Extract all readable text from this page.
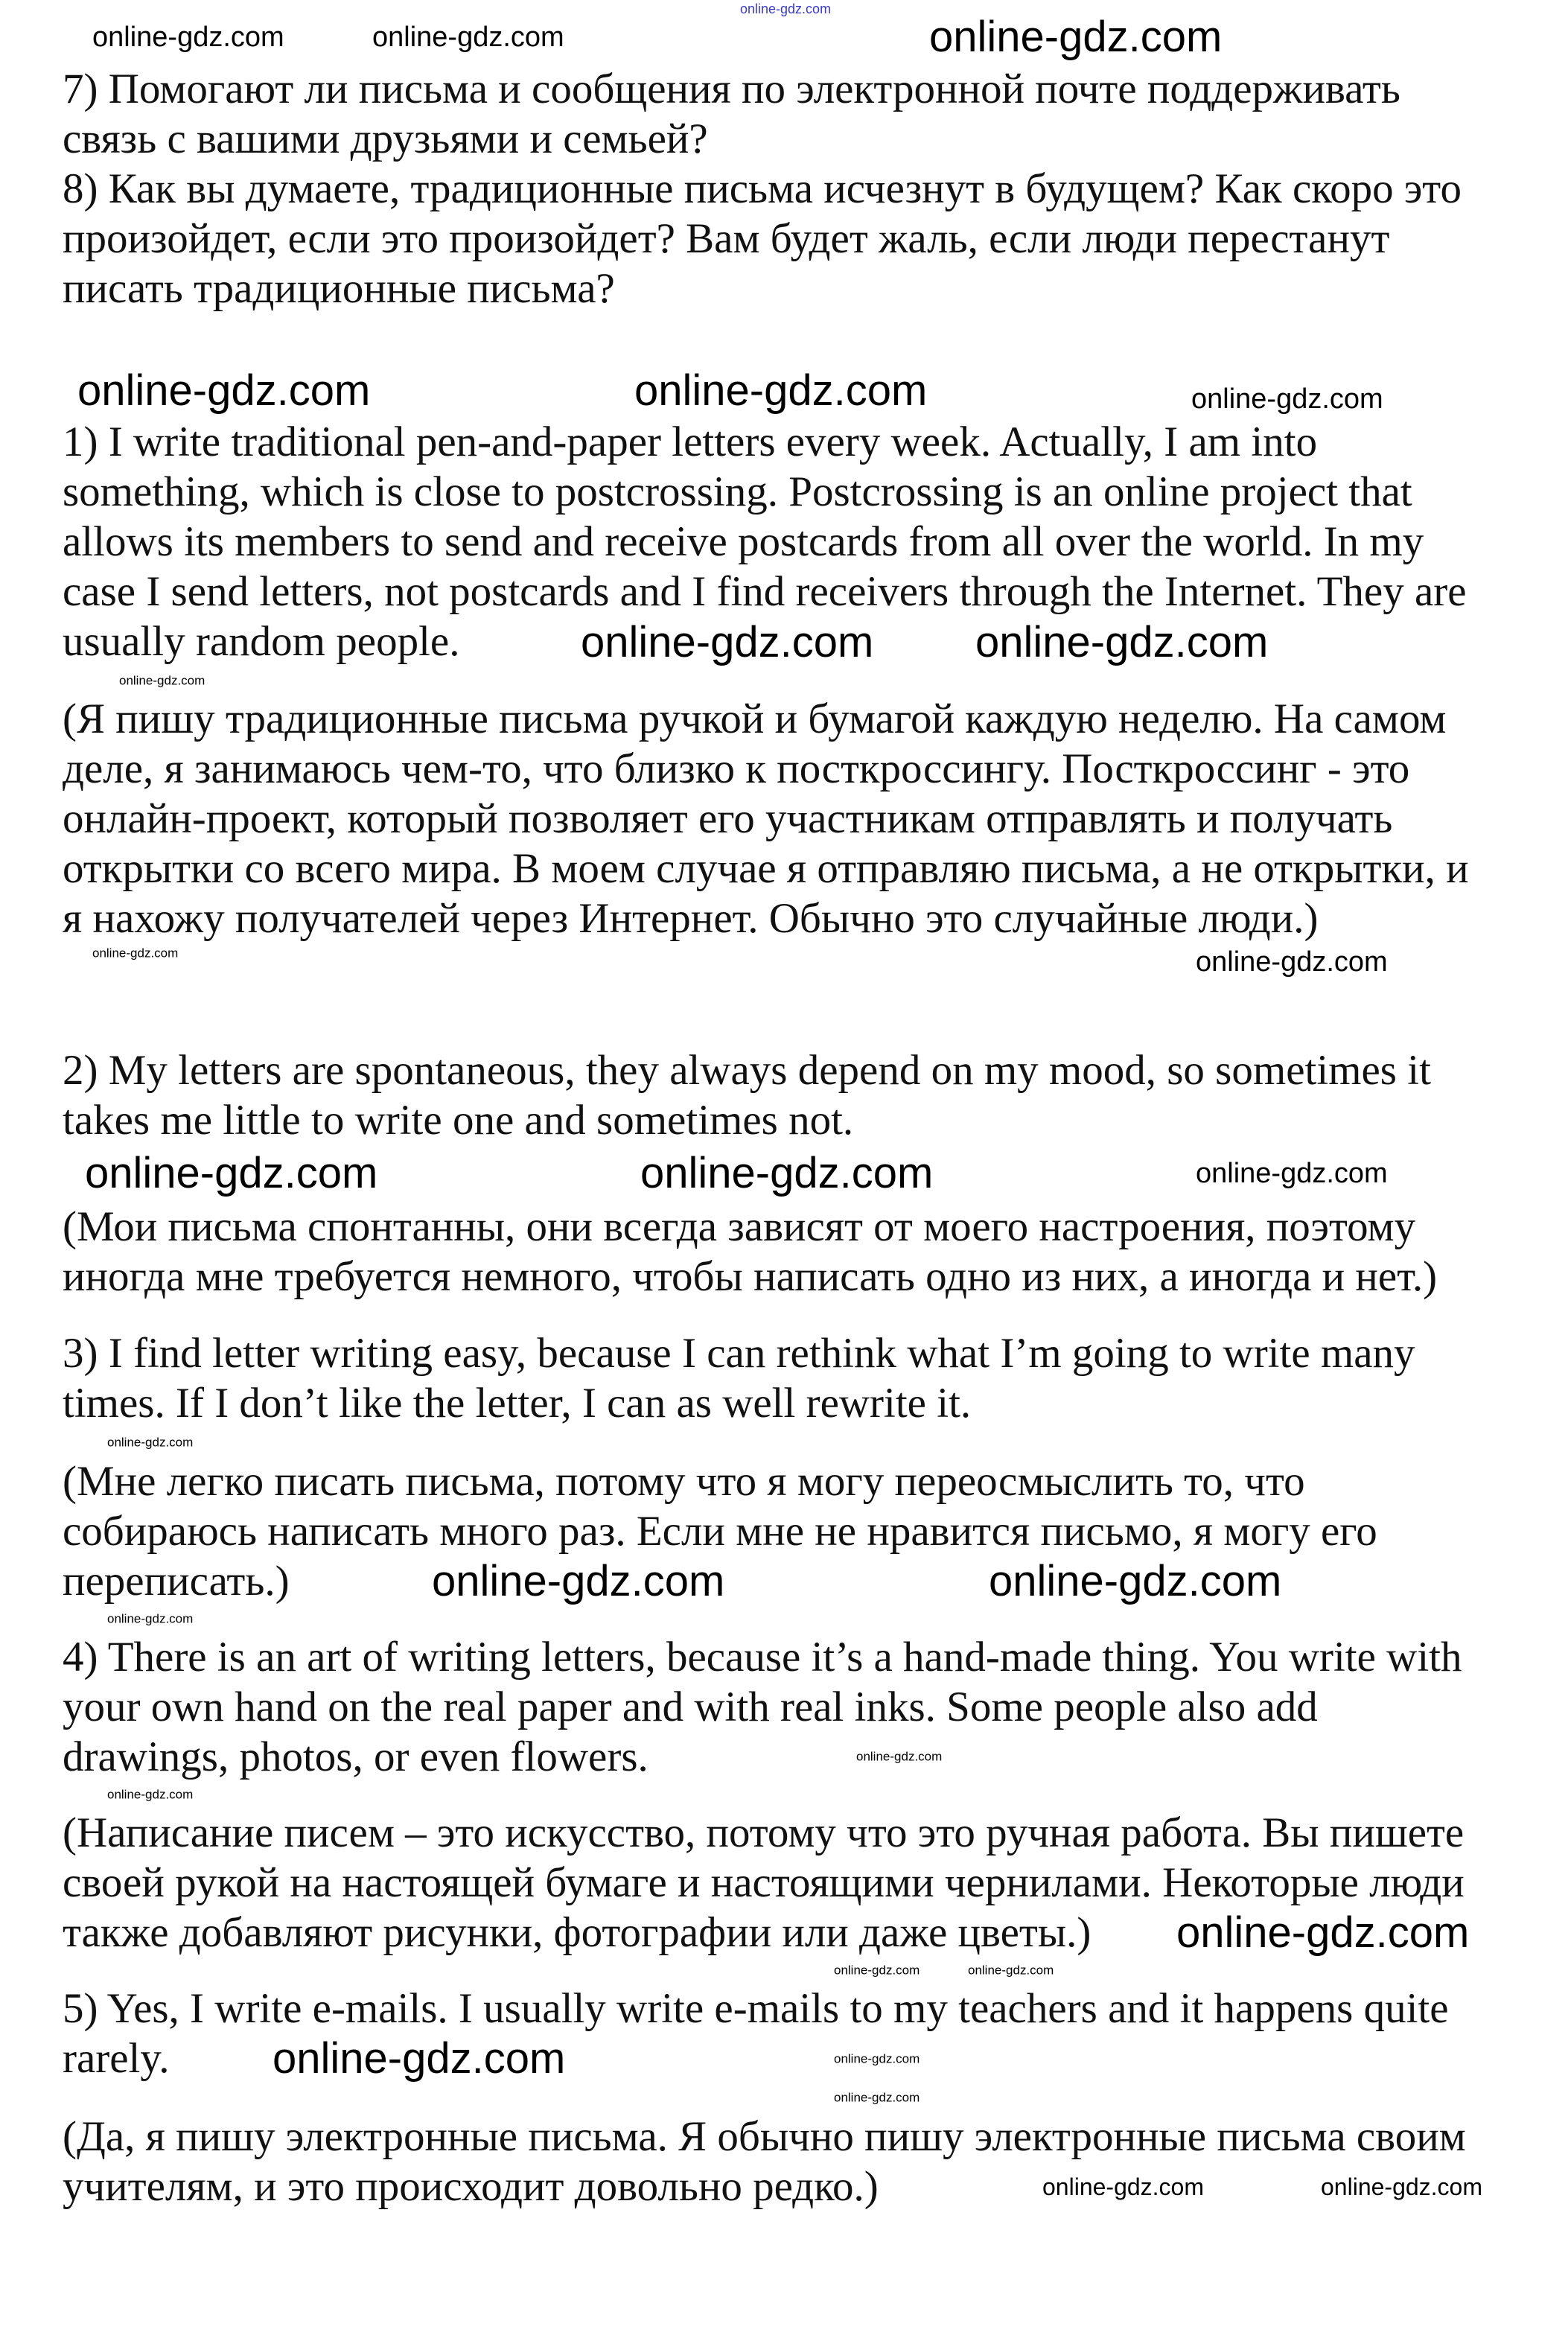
7) Помогают ли письма и сообщения по электронной почте поддерживать
связь с вашими друзьями и семьей?
8) Как вы думаете, традиционные письма исчезнут в будущем? Как скоро это
произойдет, если это произойдет? Вам будет жаль, если люди перестанут
писать традиционные письма?
1) I write traditional pen-and-paper letters every week. Actually, I am into
something, which is close to postcrossing. Postcrossing is an online project that
allows its members to send and receive postcards from all over the world. In my
case I send letters, not postcards and I find receivers through the Internet. They are
usually random people.
(Я пишу традиционные письма ручкой и бумагой каждую неделю. На самом
деле, я занимаюсь чем-то, что близко к посткроссингу. Посткроссинг - это
онлайн-проект, который позволяет его участникам отправлять и получать
открытки со всего мира. В моем случае я отправляю письма, а не открытки, и
я нахожу получателей через Интернет. Обычно это случайные люди.)
2) My letters are spontaneous, they always depend on my mood, so sometimes it
takes me little to write one and sometimes not.
(Мои письма спонтанны, они всегда зависят от моего настроения, поэтому
иногда мне требуется немного, чтобы написать одно из них, а иногда и нет.)
3) I find letter writing easy, because I can rethink what I’m going to write many
times. If I don’t like the letter, I can as well rewrite it.
(Мне легко писать письма, потому что я могу переосмыслить то, что
собираюсь написать много раз. Если мне не нравится письмо, я могу его
переписать.)
4) There is an art of writing letters, because it’s a hand-made thing. You write with
your own hand on the real paper and with real inks. Some people also add
drawings, photos, or even flowers.
(Написание писем – это искусство, потому что это ручная работа. Вы пишете
своей рукой на настоящей бумаге и настоящими чернилами. Некоторые люди
также добавляют рисунки, фотографии или даже цветы.)
5) Yes, I write e-mails. I usually write e-mails to my teachers and it happens quite
rarely.
(Да, я пишу электронные письма. Я обычно пишу электронные письма своим
учителям, и это происходит довольно редко.)
online-gdz.com
online-gdz.com	online-gdz.com	online-gdz.com
online-gdz.com	online-gdz.com	online-gdz.com
online-gdz.com
online-gdz.com online-gdz.com
online-gdz.com	online-gdz.com
online-gdz.com	online-gdz.com	online-gdz.com
online-gdz.com
online-gdz.com	online-gdz.com
online-gdz.com
online-gdz.com
online-gdz.com
online-gdz.com
online-gdz.com
online-gdz.com
online-gdz.com	online-gdz.com
online-gdz.com
online-gdz.com	online-gdz.com
